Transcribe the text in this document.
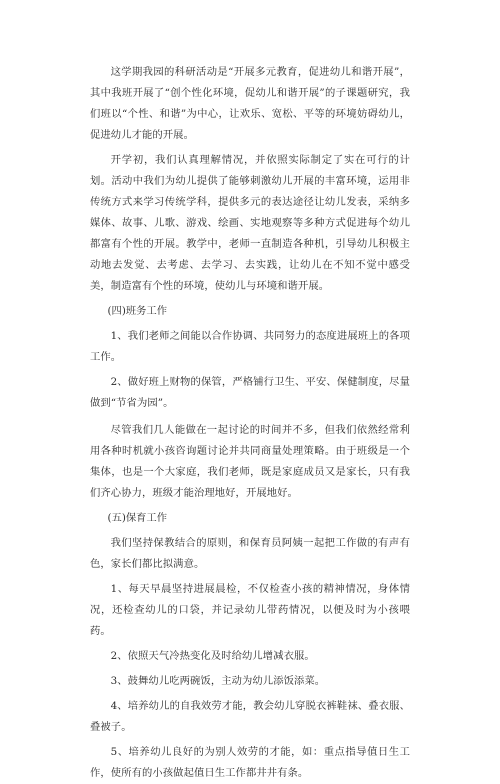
这学期我园的科研活动是“开展多元教育，促进幼儿和谐开展”，其中我班开展了“创个性化环境，促幼儿和谐开展”的子课题研究，我们班以“个性、和谐”为中心，让欢乐、宽松、平等的环境妨碍幼儿，促进幼儿才能的开展。

开学初，我们认真理解情况，并依照实际制定了实在可行的计划。活动中我们为幼儿提供了能够刺激幼儿开展的丰富环境，运用非传统方式来学习传统学科，提供多元的表达途径让幼儿发表，采纳多媒体、故事、儿歌、游戏、绘画、实地观察等多种方式促进每个幼儿都富有个性的开展。教学中，老师一直制造各种机，引导幼儿积极主动地去发觉、去考虑、去学习、去实践，让幼儿在不知不觉中感受美，制造富有个性的环境，使幼儿与环境和谐开展。

(四)班务工作

1、我们老师之间能以合作协调、共同努力的态度进展班上的各项工作。

2、做好班上财物的保管，严格铺行卫生、平安、保健制度，尽量做到“节省为园”。

尽管我们几人能做在一起讨论的时间并不多，但我们依然经常利用各种时机就小孩咨询题讨论并共同商量处理策略。由于班级是一个集体，也是一个大家庭，我们老师，既是家庭成员又是家长，只有我们齐心协力，班级才能治理地好，开展地好。

(五)保育工作

我们坚持保教结合的原则，和保育员阿姨一起把工作做的有声有色，家长们都比拟满意。

1、每天早晨坚持进展晨检，不仅检查小孩的精神情况，身体情况，还检查幼儿的口袋，并记录幼儿带药情况，以便及时为小孩喂药。

2、依照天气冷热变化及时给幼儿增减衣服。

3、鼓舞幼儿吃两碗饭，主动为幼儿添饭添菜。

4、培养幼儿的自我效劳才能，教会幼儿穿脱衣裤鞋袜、叠衣服、叠被子。

5、培养幼儿良好的为别人效劳的才能，如：重点指导值日生工作，使所有的小孩做起值日生工作都井井有条。
